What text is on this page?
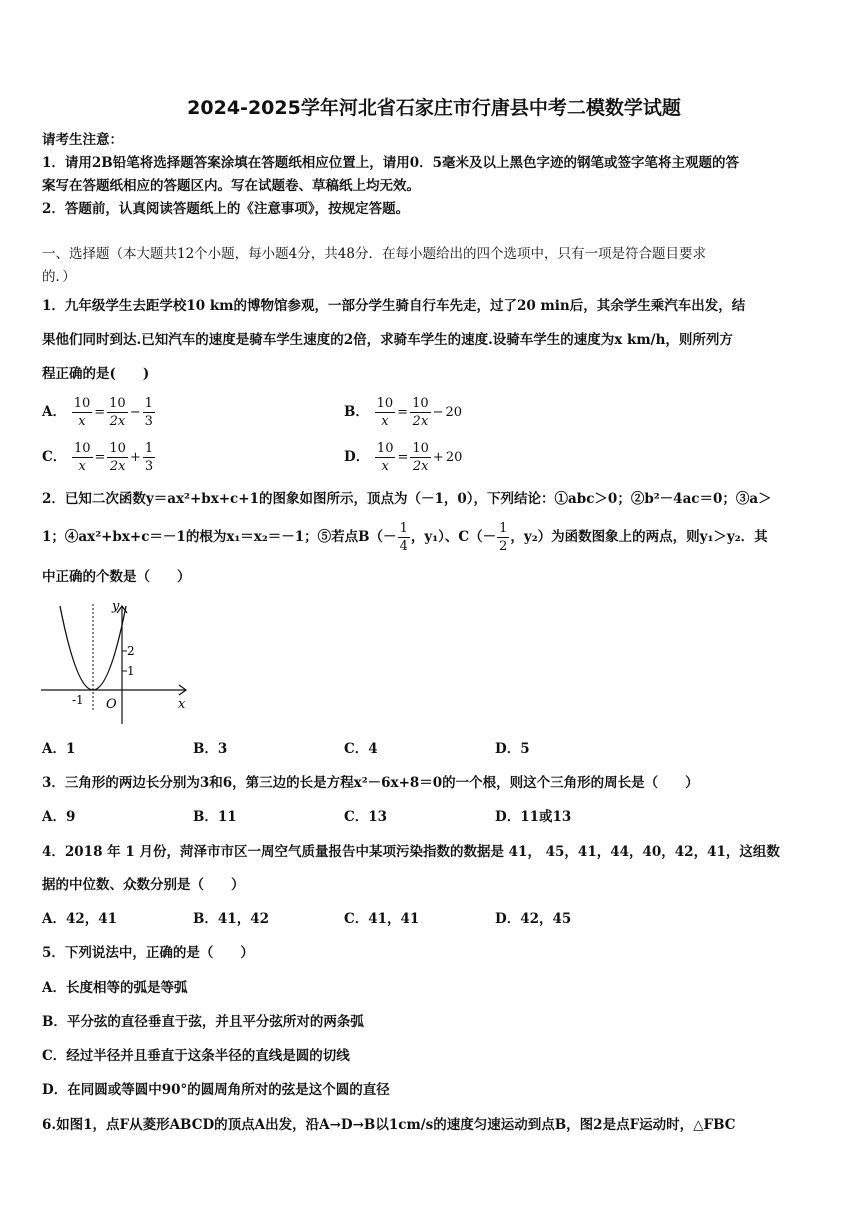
2024-2025学年河北省石家庄市行唐县中考二模数学试题
请考生注意：
1．请用2B铅笔将选择题答案涂填在答题纸相应位置上，请用0．5毫米及以上黑色字迹的钢笔或签字笔将主观题的答
案写在答题纸相应的答题区内。写在试题卷、草稿纸上均无效。
2．答题前，认真阅读答题纸上的《注意事项》，按规定答题。
一、选择题（本大题共12个小题，每小题4分，共48分．在每小题给出的四个选项中，只有一项是符合题目要求
的．）
1．九年级学生去距学校10 km的博物馆参观，一部分学生骑自行车先走，过了20 min后，其余学生乘汽车出发，结
果他们同时到达.已知汽车的速度是骑车学生速度的2倍，求骑车学生的速度.设骑车学生的速度为x km/h，则所列方
程正确的是(　　)
A． $\frac{10}{x} = \frac{10}{2x} - \frac{1}{3}$	B． $\frac{10}{x} = \frac{10}{2x} - 20$
C． $\frac{10}{x} = \frac{10}{2x} + \frac{1}{3}$	D． $\frac{10}{x} = \frac{10}{2x} + 20$
2．已知二次函数y＝ax²+bx+c+1的图象如图所示，顶点为（－1，0），下列结论：①abc＞0；②b²－4ac＝0；③a＞
1；④ax²+bx+c＝－1的根为x₁＝x₂＝－1；⑤若点$B(- \frac{1}{4}$ ，y₁）、$C(- \frac{1}{2}$ ，y₂）为函数图象上的两点，则y₁＞y₂．其
中正确的个数是（　　）
2
1
y
x
O
-1
A．1	B．3	C．4	D．5
3．三角形的两边长分别为3和6，第三边的长是方程x²－6x+8＝0的一个根，则这个三角形的周长是（　　）
A．9	B．11	C．13	D．11或13
4．2018 年 1 月份，菏泽市市区一周空气质量报告中某项污染指数的数据是 41， 45，41，44，40，42，41，这组数
据的中位数、众数分别是（　　）
A．42，41	B．41，42	C．41，41	D．42，45
5．下列说法中，正确的是（　　）
A．长度相等的弧是等弧
B．平分弦的直径垂直于弦，并且平分弦所对的两条弧
C．经过半径并且垂直于这条半径的直线是圆的切线
D．在同圆或等圆中90°的圆周角所对的弦是这个圆的直径
6.如图1，点F从菱形ABCD的顶点A出发，沿A→D→B以1cm/s的速度匀速运动到点B，图2是点F运动时，△FBC
